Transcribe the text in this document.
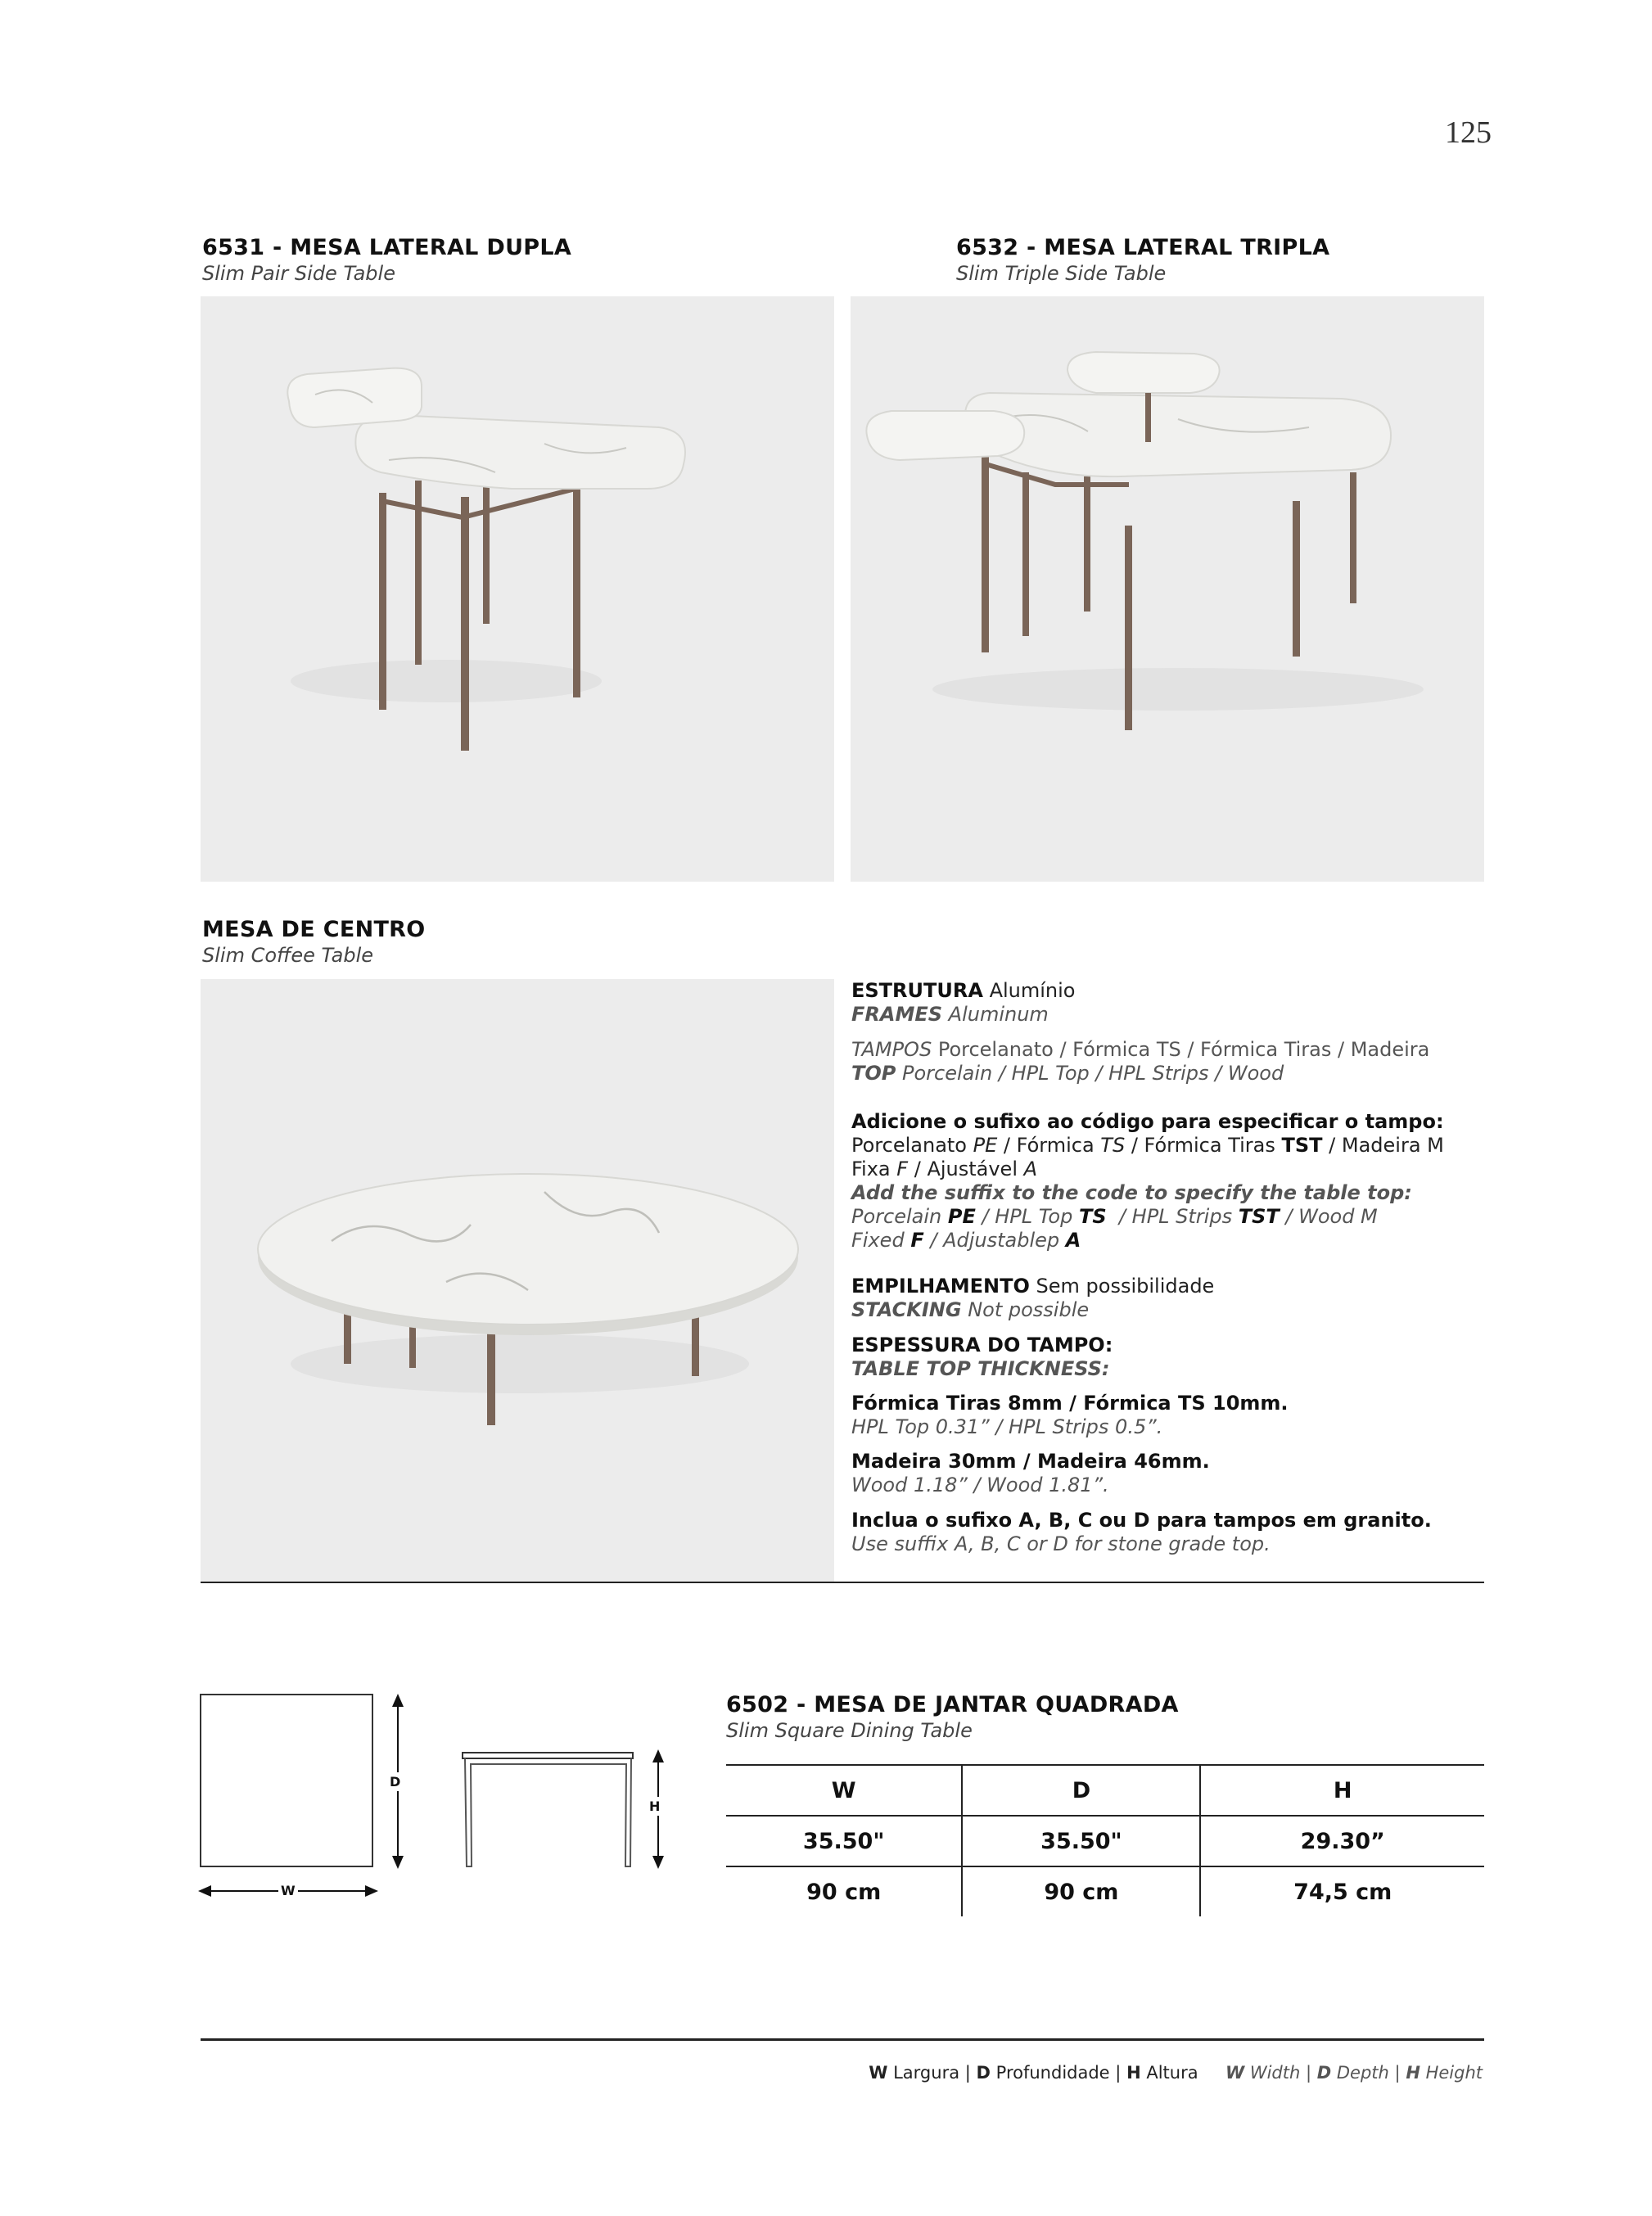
125
6531 - MESA LATERAL DUPLA
Slim Pair Side Table
6532 - MESA LATERAL TRIPLA
Slim Triple Side Table
MESA DE CENTRO
Slim Coffee Table
ESTRUTURA Alumínio
FRAMES Aluminum
TAMPOS Porcelanato / Fórmica TS / Fórmica Tiras / Madeira
TOP Porcelain / HPL Top / HPL Strips / Wood
Adicione o sufixo ao código para especificar o tampo:
Porcelanato PE / Fórmica TS / Fórmica Tiras TST / Madeira M
Fixa F / Ajustável A
Add the suffix to the code to specify the table top:
Porcelain PE / HPL Top TS  / HPL Strips TST / Wood M
Fixed F / Adjustablep A
EMPILHAMENTO Sem possibilidade
STACKING Not possible
ESPESSURA DO TAMPO:
TABLE TOP THICKNESS:
Fórmica Tiras 8mm / Fórmica TS 10mm.
HPL Top 0.31” / HPL Strips 0.5”.
Madeira 30mm / Madeira 46mm.
Wood 1.18” / Wood 1.81”.
Inclua o sufixo A, B, C ou D para tampos em granito.
Use suffix A, B, C or D for stone grade top.
D
H
W
6502 - MESA DE JANTAR QUADRADA
Slim Square Dining Table
W	D	H
35.50"	35.50"	29.30”
90 cm	90 cm	74,5 cm
W Largura | D Profundidade | H Altura W Width | D Depth | H Height
